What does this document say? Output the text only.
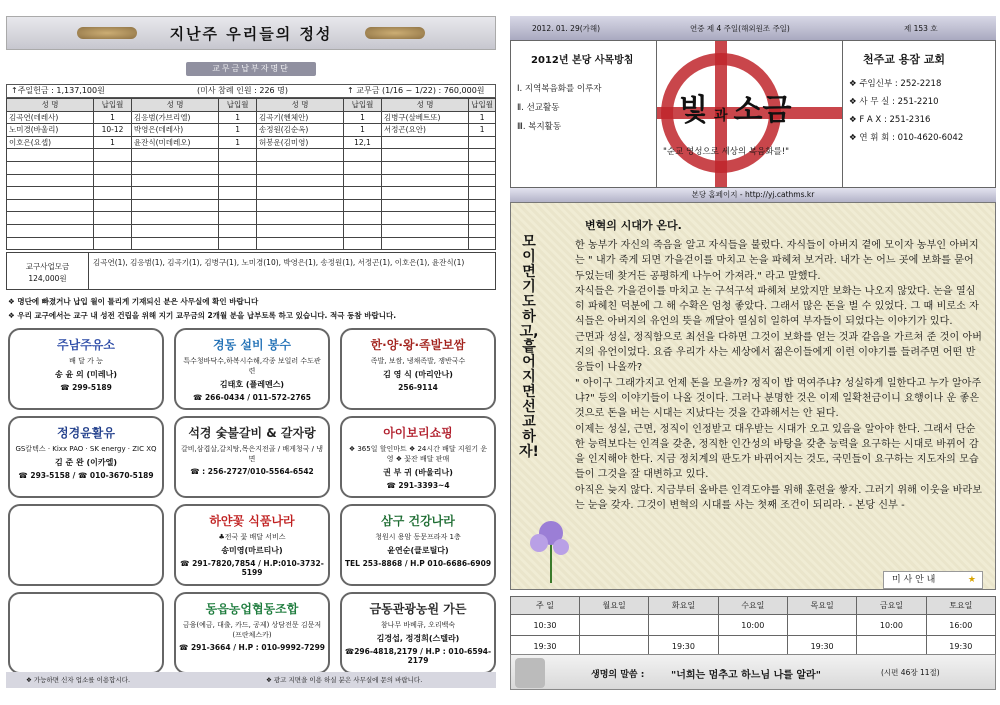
지난주 우리들의 정성
교무금납부자명단
↑주일헌금 : 1,137,100원	(미사 참례 인원 : 226 명)	↑ 교무금 (1/16 ~ 1/22) : 760,000원
성 명	납입월	성 명	납입월	성 명	납입월	성 명	납입월
김곡연(데레사)	1	김응범(가브리엘)	1	김곡기(헨체안)	1	김병구(살베트또)	1
노미경(바울리)	10-12	박영은(데레사)	1	송정원(김순옥)	1	서정곤(요안)	1
이호은(요셉)	1	윤잔식(미데레오)	1	허봉운(김미영)	12,1		

교구사업모금
124,000원
김곡연(1), 김응범(1), 김곡기(1), 김병구(1), 노미경(10), 박영은(1), 송정원(1), 서정곤(1), 이호은(1), 윤잔식(1)
❖ 명단에 빠졌거나 납입 월이 틀리게 기재되신 분은 사무실에 확인 바랍니다
❖ 우리 교구에서는 교구 내 성전 건립을 위해 지기 교무금의 2개월 분을 납부토록 하고 있습니다. 적극 동참 바랍니다.
주남주유소
배 달 가 능
송 윤 의 (미레나)
☎ 299-5189
경동 설비 봉수
특수청바닥수,하복시수해,각종 보일러 수도관련
김태호 (플레멘스)
☎ 266-0434 / 011-572-2765
한·양·왕·족발보쌈
족발, 보쌈, 냉채족발, 쟁반국수
김 영 식 (마리안나)
256-9114
정경윤활유
GS칼텍스 · Kixx PAO · SK energy · ZIC XQ
김 준 완 (이카엘)
☎ 293-5158 / ☎ 010-3670-5189
석경 숯불갈비 & 갈자랑
갈비,삼겹살,갈치탕,목은지전골 / 배게청국 / 냉면
☎ : 256-2727/010-5564-6542
아이보리쇼핑
❖ 365일 할인마트 ❖ 24시간 배달 지원기 운영 ❖ 꽃잔 배달 판매
권 부 귀 (바울리나)
☎ 291-3393~4
하얀꽃 식품나라
♣전국 꽃 배달 서비스
송미영(마르티나)
☎ 291-7820,7854 / H.P:010-3732-5199
삼구 건강나라
청원시 용암 동문프라자 1층
윤연순(클로틸다)
TEL 253-8868 / H.P 010-6686-6909
동읍농업협동조합
금융(예금, 대출, 카드, 공제) 상담전문 김문저(프란체스카)
☎ 291-3664 / H.P : 010-9992-7299
금동관광농원 가든
참나무 바베큐, 오리백숙
김경섭, 정경희(스텔라)
☎296-4818,2179 / H.P : 010-6594-2179
❖ 가능하면 신자 업소를 이용합시다.	❖ 광고 지면을 이용 하실 분은 사무실에 문의 바랍니다.
2012. 01. 29(가해)	연중 제 4 주일(해외원조 주일)	제 153 호
2012년 본당 사목방침
Ⅰ. 지역복음화를 이루자
Ⅱ. 선교활동
Ⅲ. 복지활동	빛과 소금
"순교 영성으로 세상의 복음화를!"
천주교 용잠 교회
❖ 주임신부 : 252-2218
❖ 사 무 실 : 251-2210
❖ F A X : 251-2316
❖ 연 휘 회 : 010-4620-6042
본당 홈페이지 - http://yj.cathms.kr
모이면 기도하고, 흩어지면 선교하자!
변혁의 시대가 온다.
한 농부가 자신의 죽음을 알고 자식들을 불렀다. 자식들이 아버지 곁에 모이자 농부인 아버지는 " 내가 죽게 되면 가을걷이를 마치고 논을 파헤쳐 보거라. 내가 논 어느 곳에 보화를 묻어 두었는데 찾거든 공평하게 나누어 가져라." 라고 말했다.
자식들은 가을걷이를 마치고 논 구석구석 파헤쳐 보았지만 보화는 나오지 않았다. 논을 열심히 파헤친 덕분에 그 해 수확은 엄청 좋았다. 그래서 많은 돈을 벌 수 있었다. 그 때 비로소 자식들은 아버지의 유언의 뜻을 깨달아 열심히 일하여 부자들이 되었다는 이야기가 있다.
근면과 성실, 정직함으로 최선을 다하면 그것이 보화를 얻는 것과 같음을 가르쳐 준 것이 아버지의 유언이었다. 요즘 우리가 사는 세상에서 젊은이들에게 이런 이야기를 들려주면 어떤 반응들이 나올까?
" 아이구 그래가지고 언제 돈을 모을까? 정직이 밥 먹여주냐? 성실하게 일한다고 누가 알아주냐?" 등의 이야기들이 나올 것이다. 그러나 분명한 것은 이제 일확천금이니 요행이나 운 좋은 것으로 돈을 버는 시대는 지났다는 것을 간과해서는 안 된다.
이제는 성실, 근면, 정직이 인정받고 대우받는 시대가 오고 있음을 알아야 한다. 그래서 단순한 능력보다는 인격을 갖춘, 정직한 인간성의 바탕을 갖춘 능력을 요구하는 시대로 바뀌어 감을 인지해야 한다. 지금 정치계의 판도가 바뀌어지는 것도, 국민들이 요구하는 지도자의 모습들이 그것을 잘 대변하고 있다.
아직은 늦지 않다. 지금부터 올바른 인격도야를 위해 훈련을 쌓자. 그러기 위해 이웃을 바라보는 눈을 갖자. 그것이 변혁의 시대를 사는 첫째 조건이 되리라. - 본당 신부 -
미 사 안 내	★
주 일	월요일	화요일	수요일	목요일	금요일	토요일
10:30			10:00		10:00	16:00
19:30		19:30		19:30		19:30
생명의 말씀 :	"너희는 멈추고 하느님 나를 알라"	(시편 46장 11절)
